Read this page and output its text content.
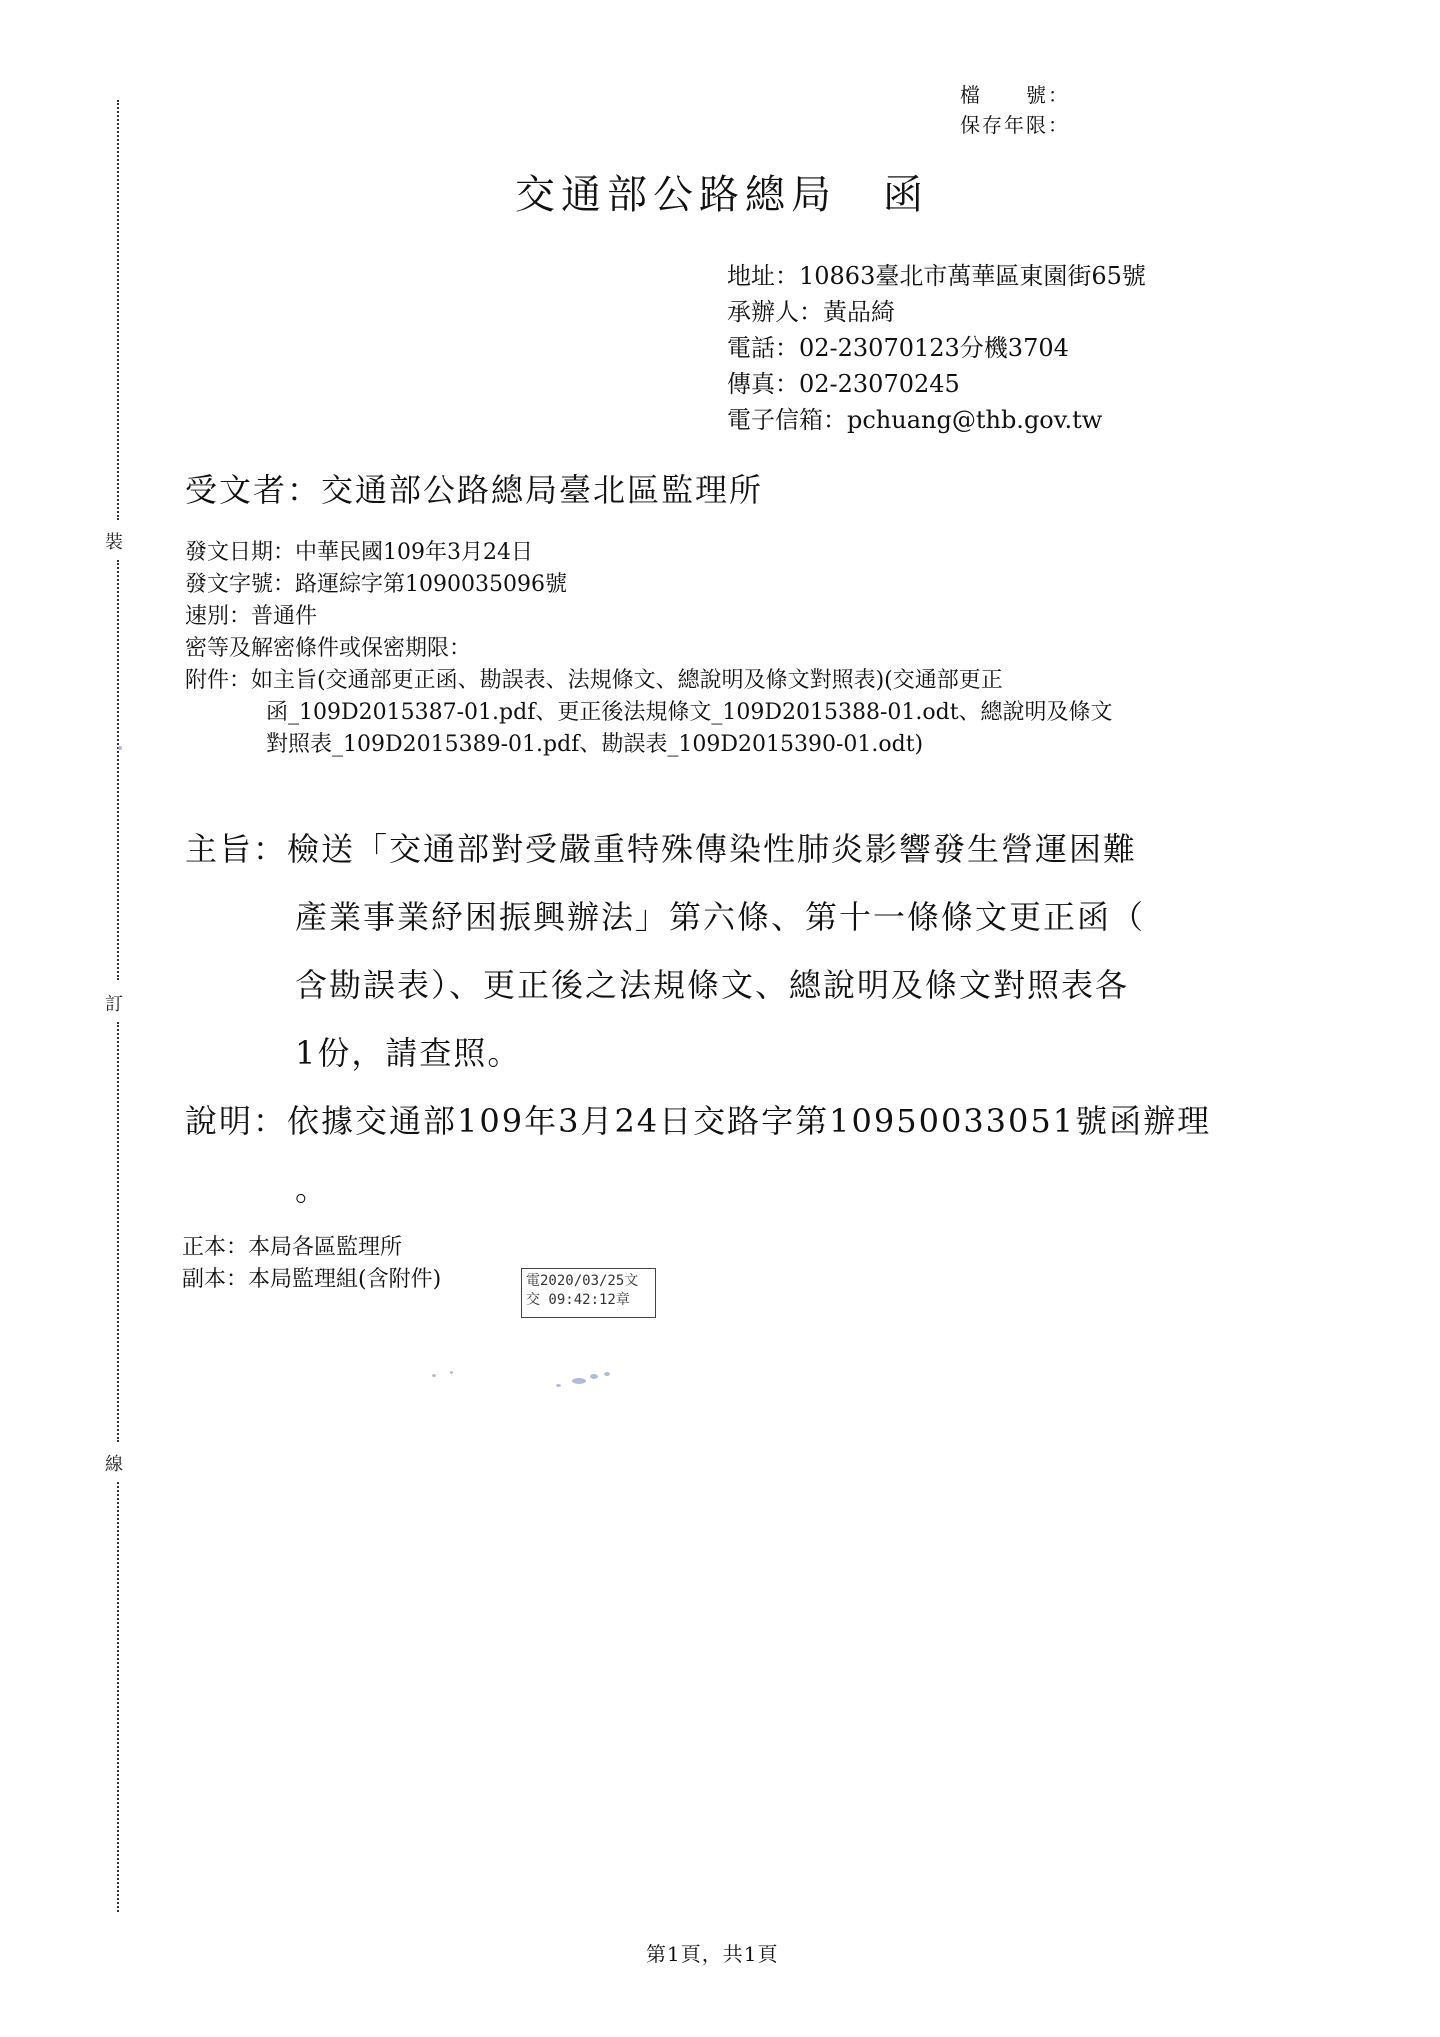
裝
訂
線
檔　　號：
保存年限：
交通部公路總局　函
地址：10863臺北市萬華區東園街65號
承辦人：黃品綺
電話：02-23070123分機3704
傳真：02-23070245
電子信箱：pchuang@thb.gov.tw
受文者：交通部公路總局臺北區監理所
發文日期：中華民國109年3月24日
發文字號：路運綜字第1090035096號
速別：普通件
密等及解密條件或保密期限：
附件：如主旨(交通部更正函、勘誤表、法規條文、總說明及條文對照表)(交通部更正
函_109D2015387-01.pdf、更正後法規條文_109D2015388-01.odt、總說明及條文
對照表_109D2015389-01.pdf、勘誤表_109D2015390-01.odt)
主旨：檢送「交通部對受嚴重特殊傳染性肺炎影響發生營運困難
產業事業紓困振興辦法」第六條、第十一條條文更正函（
含勘誤表）、更正後之法規條文、總說明及條文對照表各
1份，請查照。
說明：依據交通部109年3月24日交路字第10950033051號函辦理
。
正本：本局各區監理所
副本：本局監理組(含附件)	電2020/03/25文
交 09:42:12章
第1頁，共1頁
